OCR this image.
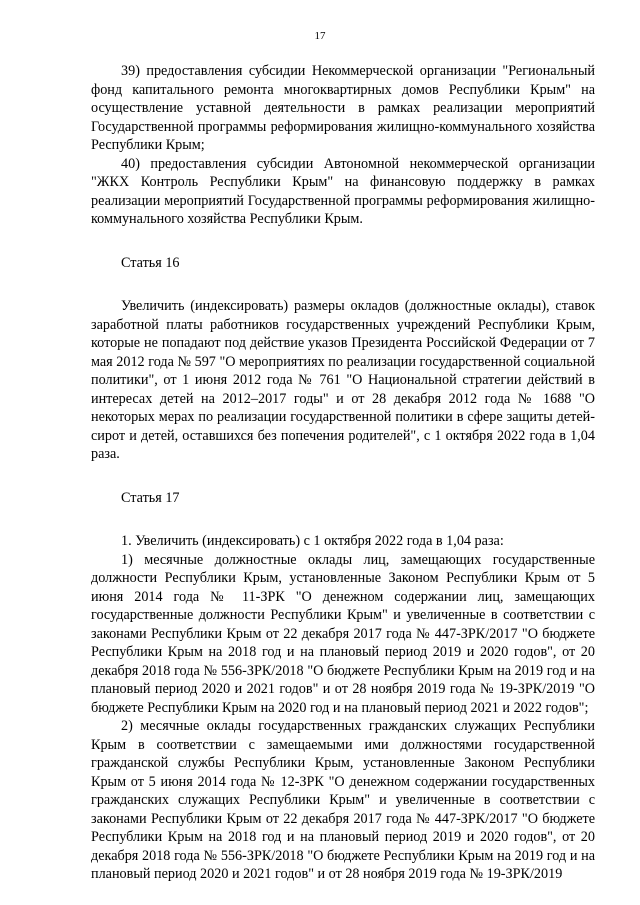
17

39) предоставления субсидии Некоммерческой организации "Региональный фонд капитального ремонта многоквартирных домов Республики Крым" на осуществление уставной деятельности в рамках реализации мероприятий Государственной программы реформирования жилищно-коммунального хозяйства Республики Крым;

40) предоставления субсидии Автономной некоммерческой организации "ЖКХ Контроль Республики Крым" на финансовую поддержку в рамках реализации мероприятий Государственной программы реформирования жилищно-коммунального хозяйства Республики Крым.

Статья 16

Увеличить (индексировать) размеры окладов (должностные оклады), ставок заработной платы работников государственных учреждений Республики Крым, которые не попадают под действие указов Президента Российской Федерации от 7 мая 2012 года № 597 "О мероприятиях по реализации государственной социальной политики", от 1 июня 2012 года № 761 "О Национальной стратегии действий в интересах детей на 2012–2017 годы" и от 28 декабря 2012 года № 1688 "О некоторых мерах по реализации государственной политики в сфере защиты детей-сирот и детей, оставшихся без попечения родителей", с 1 октября 2022 года в 1,04 раза.

Статья 17

1. Увеличить (индексировать) с 1 октября 2022 года в 1,04 раза:

1) месячные должностные оклады лиц, замещающих государственные должности Республики Крым, установленные Законом Республики Крым от 5 июня 2014 года № 11-ЗРК "О денежном содержании лиц, замещающих государственные должности Республики Крым" и увеличенные в соответствии с законами Республики Крым от 22 декабря 2017 года № 447-ЗРК/2017 "О бюджете Республики Крым на 2018 год и на плановый период 2019 и 2020 годов", от 20 декабря 2018 года № 556-ЗРК/2018 "О бюджете Республики Крым на 2019 год и на плановый период 2020 и 2021 годов" и от 28 ноября 2019 года № 19-ЗРК/2019 "О бюджете Республики Крым на 2020 год и на плановый период 2021 и 2022 годов";

2) месячные оклады государственных гражданских служащих Республики Крым в соответствии с замещаемыми ими должностями государственной гражданской службы Республики Крым, установленные Законом Республики Крым от 5 июня 2014 года № 12-ЗРК "О денежном содержании государственных гражданских служащих Республики Крым" и увеличенные в соответствии с законами Республики Крым от 22 декабря 2017 года № 447-ЗРК/2017 "О бюджете Республики Крым на 2018 год и на плановый период 2019 и 2020 годов", от 20 декабря 2018 года № 556-ЗРК/2018 "О бюджете Республики Крым на 2019 год и на плановый период 2020 и 2021 годов" и от 28 ноября 2019 года № 19-ЗРК/2019
